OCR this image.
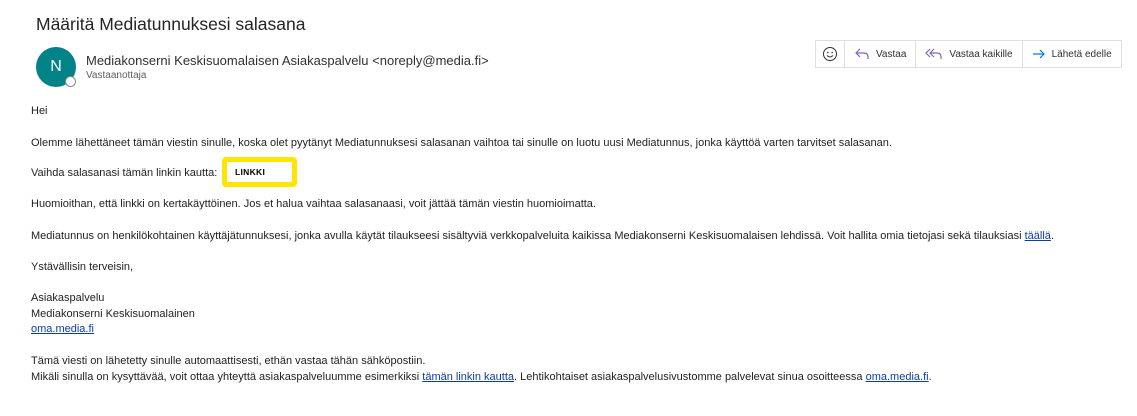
Määritä Mediatunnuksesi salasana
N Mediakonserni Keskisuomalaisen Asiakaspalvelu <noreply@media.fi>
Vastaanottaja
Vastaa	Vastaa kaikille	Lähetä edelle
Hei
Olemme lähettäneet tämän viestin sinulle, koska olet pyytänyt Mediatunnuksesi salasanan vaihtoa tai sinulle on luotu uusi Mediatunnus, jonka käyttöä varten tarvitset salasanan.
Vaihda salasanasi tämän linkin kautta: LINKKI
Huomioithan, että linkki on kertakäyttöinen. Jos et halua vaihtaa salasanaasi, voit jättää tämän viestin huomioimatta.
Mediatunnus on henkilökohtainen käyttäjätunnuksesi, jonka avulla käytät tilaukseesi sisältyviä verkkopalveluita kaikissa Mediakonserni Keskisuomalaisen lehdissä. Voit hallita omia tietojasi sekä tilauksiasi täällä.
Ystävällisin terveisin,
Asiakaspalvelu
Mediakonserni Keskisuomalainen
oma.media.fi
Tämä viesti on lähetetty sinulle automaattisesti, ethän vastaa tähän sähköpostiin.
Mikäli sinulla on kysyttävää, voit ottaa yhteyttä asiakaspalveluumme esimerkiksi tämän linkin kautta. Lehtikohtaiset asiakaspalvelusivustomme palvelevat sinua osoitteessa oma.media.fi.
